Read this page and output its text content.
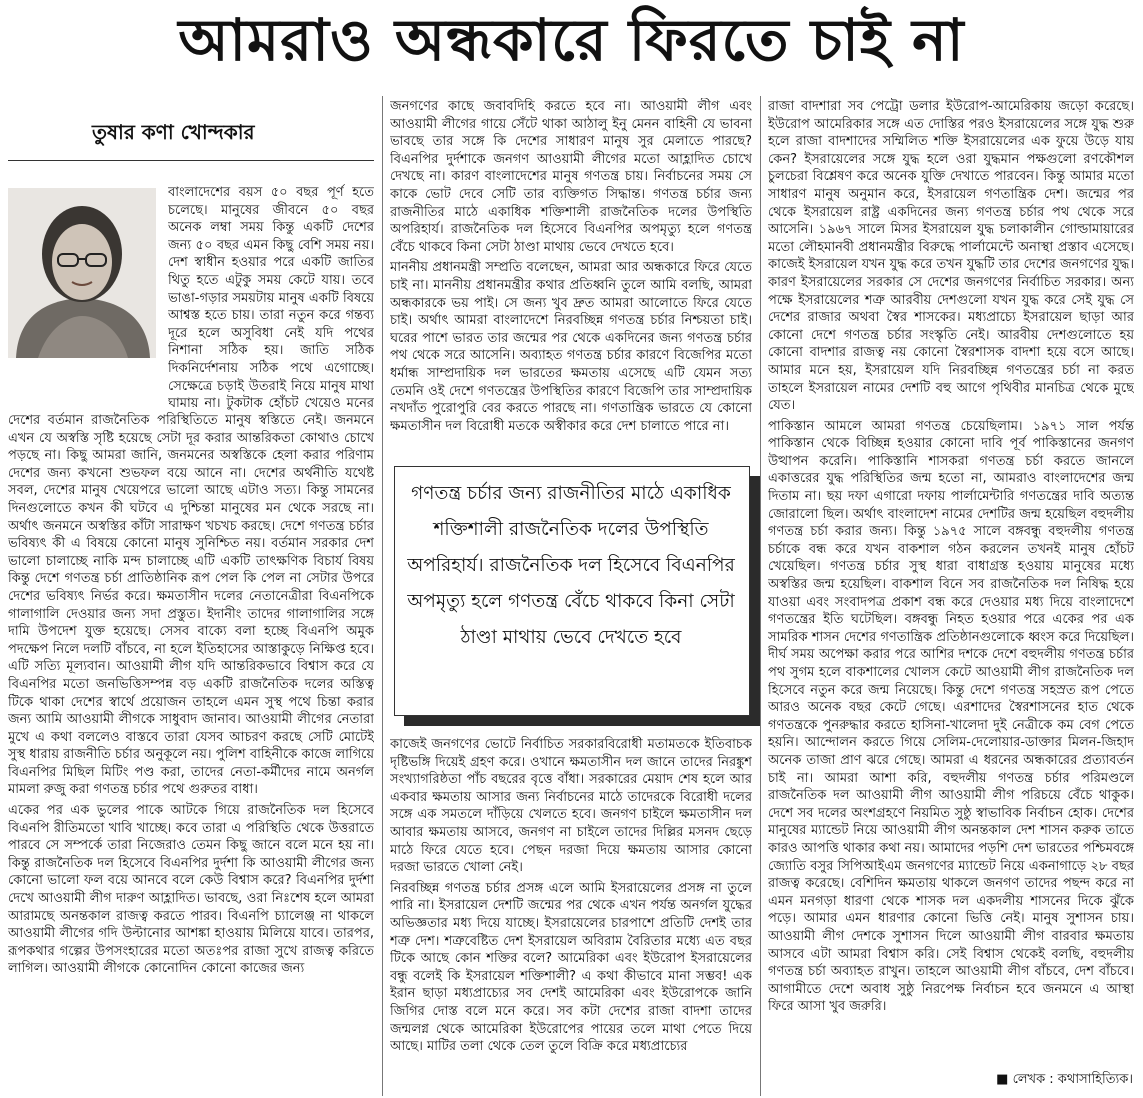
আমরাও অন্ধকারে ফিরতে চাই না
তুষার কণা খোন্দকার

বাংলাদেশের বয়স ৫০ বছর পূর্ণ হতে চলেছে। মানুষের জীবনে ৫০ বছর অনেক লম্বা সময় কিন্তু একটি দেশের জন্য ৫০ বছর এমন কিছু বেশি সময় নয়। দেশ স্বাধীন হওয়ার পরে একটি জাতির থিতু হতে এটুকু সময় কেটে যায়। তবে ভাঙা-গড়ার সময়টায় মানুষ একটি বিষয়ে আশ্বস্ত হতে চায়। তারা নতুন করে গন্তব্য দূরে হলে অসুবিধা নেই যদি পথের নিশানা সঠিক হয়। জাতি সঠিক দিকনির্দেশনায় সঠিক পথে এগোচ্ছে। সেক্ষেত্রে চড়াই উতরাই নিয়ে মানুষ মাথা ঘামায় না। টুকটাক হোঁচট খেয়েও মনের

দেশের বর্তমান রাজনৈতিক পরিস্থিতিতে মানুষ স্বস্তিতে নেই। জনমনে এখন যে অস্বস্তি সৃষ্টি হয়েছে সেটা দূর করার আন্তরিকতা কোথাও চোখে পড়ছে না। কিছু আমরা জানি, জনমনের অস্বস্তিকে হেলা করার পরিণাম দেশের জন্য কখনো শুভফল বয়ে আনে না। দেশের অর্থনীতি যথেষ্ট সবল, দেশের মানুষ খেয়েপরে ভালো আছে এটাও সত্য। কিন্তু সামনের দিনগুলোতে কখন কী ঘটবে এ দুশ্চিন্তা মানুষের মন থেকে সরছে না। অর্থাৎ জনমনে অস্বস্তির কাঁটা সারাক্ষণ খচখচ করছে। দেশে গণতন্ত্র চর্চার ভবিষ্যৎ কী এ বিষয়ে কোনো মানুষ সুনিশ্চিত নয়। বর্তমান সরকার দেশ ভালো চালাচ্ছে নাকি মন্দ চালাচ্ছে এটি একটি তাৎক্ষণিক বিচার্য বিষয় কিন্তু দেশে গণতন্ত্র চর্চা প্রাতিষ্ঠানিক রূপ পেল কি পেল না সেটার উপরে দেশের ভবিষ্যৎ নির্ভর করে। ক্ষমতাসীন দলের নেতানেত্রীরা বিএনপিকে গালাগালি দেওয়ার জন্য সদা প্রস্তুত। ইদানীং তাদের গালাগালির সঙ্গে দামি উপদেশ যুক্ত হয়েছে। সেসব বাক্যে বলা হচ্ছে বিএনপি অমুক পদক্ষেপ নিলে দলটি বাঁচবে, না হলে ইতিহাসের আস্তাকুড়ে নিক্ষিপ্ত হবে। এটি সত্যি মূল্যবান। আওয়ামী লীগ যদি আন্তরিকভাবে বিশ্বাস করে যে বিএনপির মতো জনভিত্তিসম্পন্ন বড় একটি রাজনৈতিক দলের অস্তিত্ব টিকে থাকা দেশের স্বার্থে প্রয়োজন তাহলে এমন সুস্থ পথে চিন্তা করার জন্য আমি আওয়ামী লীগকে সাধুবাদ জানাব। আওয়ামী লীগের নেতারা মুখে এ কথা বললেও বাস্তবে তারা যেসব আচরণ করছে সেটি মোটেই সুস্থ ধারায় রাজনীতি চর্চার অনুকূলে নয়। পুলিশ বাহিনীকে কাজে লাগিয়ে বিএনপির মিছিল মিটিং পণ্ড করা, তাদের নেতা-কর্মীদের নামে অনর্গল মামলা রুজু করা গণতন্ত্র চর্চার পথে গুরুতর বাধা।

একের পর এক ভুলের পাকে আটকে গিয়ে রাজনৈতিক দল হিসেবে বিএনপি রীতিমতো খাবি খাচ্ছে। কবে তারা এ পরিস্থিতি থেকে উত্তরাতে পারবে সে সম্পর্কে তারা নিজেরাও তেমন কিছু জানে বলে মনে হয় না। কিন্তু রাজনৈতিক দল হিসেবে বিএনপির দুর্দশা কি আওয়ামী লীগের জন্য কোনো ভালো ফল বয়ে আনবে বলে কেউ বিশ্বাস করে? বিএনপির দুর্দশা দেখে আওয়ামী লীগ দারুণ আহ্লাদিত। ভাবছে, ওরা নিঃশেষ হলে আমরা আরামছে অনন্তকাল রাজত্ব করতে পারব। বিএনপি চ্যালেঞ্জ না থাকলে আওয়ামী লীগের গদি উল্টানোর আশঙ্কা হাওয়ায় মিলিয়ে যাবে। তারপর, রূপকথার গল্পের উপসংহারের মতো অতঃপর রাজা সুখে রাজত্ব করিতে লাগিল। আওয়ামী লীগকে কোনোদিন কোনো কাজের জন্য

জনগণের কাছে জবাবদিহি করতে হবে না। আওয়ামী লীগ এবং আওয়ামী লীগের গায়ে সেঁটে থাকা আঠালু ইনু মেনন বাহিনী যে ভাবনা ভাবছে তার সঙ্গে কি দেশের সাধারণ মানুষ সুর মেলাতে পারছে? বিএনপির দুর্দশাকে জনগণ আওয়ামী লীগের মতো আহ্লাদিত চোখে দেখছে না। কারণ বাংলাদেশের মানুষ গণতন্ত্র চায়। নির্বাচনের সময় সে কাকে ভোট দেবে সেটি তার ব্যক্তিগত সিদ্ধান্ত। গণতন্ত্র চর্চার জন্য রাজনীতির মাঠে একাধিক শক্তিশালী রাজনৈতিক দলের উপস্থিতি অপরিহার্য। রাজনৈতিক দল হিসেবে বিএনপির অপমৃত্যু হলে গণতন্ত্র বেঁচে থাকবে কিনা সেটা ঠাণ্ডা মাথায় ভেবে দেখতে হবে।

মাননীয় প্রধানমন্ত্রী সম্প্রতি বলেছেন, আমরা আর অন্ধকারে ফিরে যেতে চাই না। মাননীয় প্রধানমন্ত্রীর কথার প্রতিধ্বনি তুলে আমি বলছি, আমরা অন্ধকারকে ভয় পাই। সে জন্য খুব দ্রুত আমরা আলোতে ফিরে যেতে চাই। অর্থাৎ আমরা বাংলাদেশে নিরবচ্ছিন্ন গণতন্ত্র চর্চার নিশ্চয়তা চাই। ঘরের পাশে ভারত তার জন্মের পর থেকে একদিনের জন্য গণতন্ত্র চর্চার পথ থেকে সরে আসেনি। অব্যাহত গণতন্ত্র চর্চার কারণে বিজেপির মতো ধর্মান্ধ সাম্প্রদায়িক দল ভারতের ক্ষমতায় এসেছে এটি যেমন সত্য তেমনি ওই দেশে গণতন্ত্রের উপস্থিতির কারণে বিজেপি তার সাম্প্রদায়িক নখদাঁত পুরোপুরি বের করতে পারছে না। গণতান্ত্রিক ভারতে যে কোনো ক্ষমতাসীন দল বিরোধী মতকে অস্বীকার করে দেশ চালাতে পারে না।

গণতন্ত্র চর্চার জন্য রাজনীতির মাঠে একাধিক শক্তিশালী রাজনৈতিক দলের উপস্থিতি অপরিহার্য। রাজনৈতিক দল হিসেবে বিএনপির অপমৃত্যু হলে গণতন্ত্র বেঁচে থাকবে কিনা সেটা ঠাণ্ডা মাথায় ভেবে দেখতে হবে

কাজেই জনগণের ভোটে নির্বাচিত সরকারবিরোধী মতামতকে ইতিবাচক দৃষ্টিভঙ্গি দিয়েই গ্রহণ করে। ওখানে ক্ষমতাসীন দল জানে তাদের নিরঙ্কুশ সংখ্যাগরিষ্ঠতা পাঁচ বছরের বৃত্তে বাঁধা। সরকারের মেয়াদ শেষ হলে আর একবার ক্ষমতায় আসার জন্য নির্বাচনের মাঠে তাদেরকে বিরোধী দলের সঙ্গে এক সমতলে দাঁড়িয়ে খেলতে হবে। জনগণ চাইলে ক্ষমতাসীন দল আবার ক্ষমতায় আসবে, জনগণ না চাইলে তাদের দিল্লির মসনদ ছেড়ে মাঠে ফিরে যেতে হবে। পেছন দরজা দিয়ে ক্ষমতায় আসার কোনো দরজা ভারতে খোলা নেই।

নিরবচ্ছিন্ন গণতন্ত্র চর্চার প্রসঙ্গ এলে আমি ইসরায়েলের প্রসঙ্গ না তুলে পারি না। ইসরায়েল দেশটি জন্মের পর থেকে এখন পর্যন্ত অনর্গল যুদ্ধের অভিজ্ঞতার মধ্য দিয়ে যাচ্ছে। ইসরায়েলের চারপাশে প্রতিটি দেশই তার শত্রু দেশ। শত্রুবেষ্টিত দেশ ইসরায়েল অবিরাম বৈরিতার মধ্যে এত বছর টিকে আছে কোন শক্তির বলে? আমেরিকা এবং ইউরোপ ইসরায়েলের বন্ধু বলেই কি ইসরায়েল শক্তিশালী? এ কথা কীভাবে মানা সম্ভব! এক ইরান ছাড়া মধ্যপ্রাচ্যের সব দেশই আমেরিকা এবং ইউরোপকে জানি জিগির দোস্ত বলে মনে করে। সব কটা দেশের রাজা বাদশা তাদের জন্মলগ্ন থেকে আমেরিকা ইউরোপের পায়ের তলে মাথা পেতে দিয়ে আছে। মাটির তলা থেকে তেল তুলে বিক্রি করে মধ্যপ্রাচ্যের

রাজা বাদশারা সব পেট্রো ডলার ইউরোপ-আমেরিকায় জড়ো করেছে। ইউরোপ আমেরিকার সঙ্গে এত দোস্তির পরও ইসরায়েলের সঙ্গে যুদ্ধ শুরু হলে রাজা বাদশাদের সম্মিলিত শক্তি ইসরায়েলের এক ফুয়ে উড়ে যায় কেন? ইসরায়েলের সঙ্গে যুদ্ধ হলে ওরা যুদ্ধমান পক্ষগুলো রণকৌশল চুলচেরা বিশ্লেষণ করে অনেক যুক্তি দেখাতে পারবেন। কিন্তু আমার মতো সাধারণ মানুষ অনুমান করে, ইসরায়েল গণতান্ত্রিক দেশ। জন্মের পর থেকে ইসরায়েল রাষ্ট্র একদিনের জন্য গণতন্ত্র চর্চার পথ থেকে সরে আসেনি। ১৯৬৭ সালে মিসর ইসরায়েল যুদ্ধ চলাকালীন গোল্ডামায়ারের মতো লৌহমানবী প্রধানমন্ত্রীর বিরুদ্ধে পার্লামেন্টে অনাস্থা প্রস্তাব এসেছে। কাজেই ইসরায়েল যখন যুদ্ধ করে তখন যুদ্ধটি তার দেশের জনগণের যুদ্ধ। কারণ ইসরায়েলের সরকার সে দেশের জনগণের নির্বাচিত সরকার। অন্য পক্ষে ইসরায়েলের শত্রু আরবীয় দেশগুলো যখন যুদ্ধ করে সেই যুদ্ধ সে দেশের রাজার অথবা স্বৈর শাসকের। মধ্যপ্রাচ্যে ইসরায়েল ছাড়া আর কোনো দেশে গণতন্ত্র চর্চার সংস্কৃতি নেই। আরবীয় দেশগুলোতে হয় কোনো বাদশার রাজত্ব নয় কোনো স্বৈরশাসক বাদশা হয়ে বসে আছে। আমার মনে হয়, ইসরায়েল যদি নিরবচ্ছিন্ন গণতন্ত্রের চর্চা না করত তাহলে ইসরায়েল নামের দেশটি বহু আগে পৃথিবীর মানচিত্র থেকে মুছে যেত।

পাকিস্তান আমলে আমরা গণতন্ত্র চেয়েছিলাম। ১৯৭১ সাল পর্যন্ত পাকিস্তান থেকে বিচ্ছিন্ন হওয়ার কোনো দাবি পূর্ব পাকিস্তানের জনগণ উত্থাপন করেনি। পাকিস্তানি শাসকরা গণতন্ত্র চর্চা করতে জানলে একাত্তরের যুদ্ধ পরিস্থিতির জন্ম হতো না, আমরাও বাংলাদেশের জন্ম দিতাম না। ছয় দফা এগারো দফায় পার্লামেন্টারি গণতন্ত্রের দাবি অত্যন্ত জোরালো ছিল। অর্থাৎ বাংলাদেশ নামের দেশটির জন্ম হয়েছিল বহুদলীয় গণতন্ত্র চর্চা করার জন্য। কিন্তু ১৯৭৫ সালে বঙ্গবন্ধু বহুদলীয় গণতন্ত্র চর্চাকে বন্ধ করে যখন বাকশাল গঠন করলেন তখনই মানুষ হোঁচট খেয়েছিল। গণতন্ত্র চর্চার সুস্থ ধারা বাধাগ্রস্ত হওয়ায় মানুষের মধ্যে অস্বস্তির জন্ম হয়েছিল। বাকশাল বিনে সব রাজনৈতিক দল নিষিদ্ধ হয়ে যাওয়া এবং সংবাদপত্র প্রকাশ বন্ধ করে দেওয়ার মধ্য দিয়ে বাংলাদেশে গণতন্ত্রের ইতি ঘটেছিল। বঙ্গবন্ধু নিহত হওয়ার পরে একের পর এক সামরিক শাসন দেশের গণতান্ত্রিক প্রতিষ্ঠানগুলোকে ধ্বংস করে দিয়েছিল। দীর্ঘ সময় অপেক্ষা করার পরে আশির দশকে দেশে বহুদলীয় গণতন্ত্র চর্চার পথ সুগম হলে বাকশালের খোলস কেটে আওয়ামী লীগ রাজনৈতিক দল হিসেবে নতুন করে জন্ম নিয়েছে। কিন্তু দেশে গণতন্ত্র সহস্রত রূপ পেতে আরও অনেক বছর কেটে গেছে। এরশাদের স্বৈরশাসনের হাত থেকে গণতন্ত্রকে পুনরুদ্ধার করতে হাসিনা-খালেদা দুই নেত্রীকে কম বেগ পেতে হয়নি। আন্দোলন করতে গিয়ে সেলিম-দেলোয়ার-ডাক্তার মিলন-জিহাদ অনেক তাজা প্রাণ ঝরে গেছে। আমরা এ ধরনের অন্ধকারের প্রত্যাবর্তন চাই না। আমরা আশা করি, বহুদলীয় গণতন্ত্র চর্চার পরিমণ্ডলে রাজনৈতিক দল আওয়ামী লীগ আওয়ামী লীগ পরিচয়ে বেঁচে থাকুক। দেশে সব দলের অংশগ্রহণে নিয়মিত সুষ্ঠু স্বাভাবিক নির্বাচন হোক। দেশের মানুষের ম্যান্ডেট নিয়ে আওয়ামী লীগ অনন্তকাল দেশ শাসন করুক তাতে কারও আপত্তি থাকার কথা নয়। আমাদের পড়শি দেশ ভারতের পশ্চিমবঙ্গে জ্যোতি বসুর সিপিআইএম জনগণের ম্যান্ডেট নিয়ে একনাগাড়ে ২৮ বছর রাজত্ব করেছে। বেশিদিন ক্ষমতায় থাকলে জনগণ তাদের পছন্দ করে না এমন মনগড়া ধারণা থেকে শাসক দল একদলীয় শাসনের দিকে ঝুঁকে পড়ে। আমার এমন ধারণার কোনো ভিত্তি নেই। মানুষ সুশাসন চায়। আওয়ামী লীগ দেশকে সুশাসন দিলে আওয়ামী লীগ বারবার ক্ষমতায় আসবে এটা আমরা বিশ্বাস করি। সেই বিশ্বাস থেকেই বলছি, বহুদলীয় গণতন্ত্র চর্চা অব্যাহত রাখুন। তাহলে আওয়ামী লীগ বাঁচবে, দেশ বাঁচবে। আগামীতে দেশে অবাধ সুষ্ঠু নিরপেক্ষ নির্বাচন হবে জনমনে এ আস্থা ফিরে আসা খুব জরুরি।

■ লেখক : কথাসাহিত্যিক।
